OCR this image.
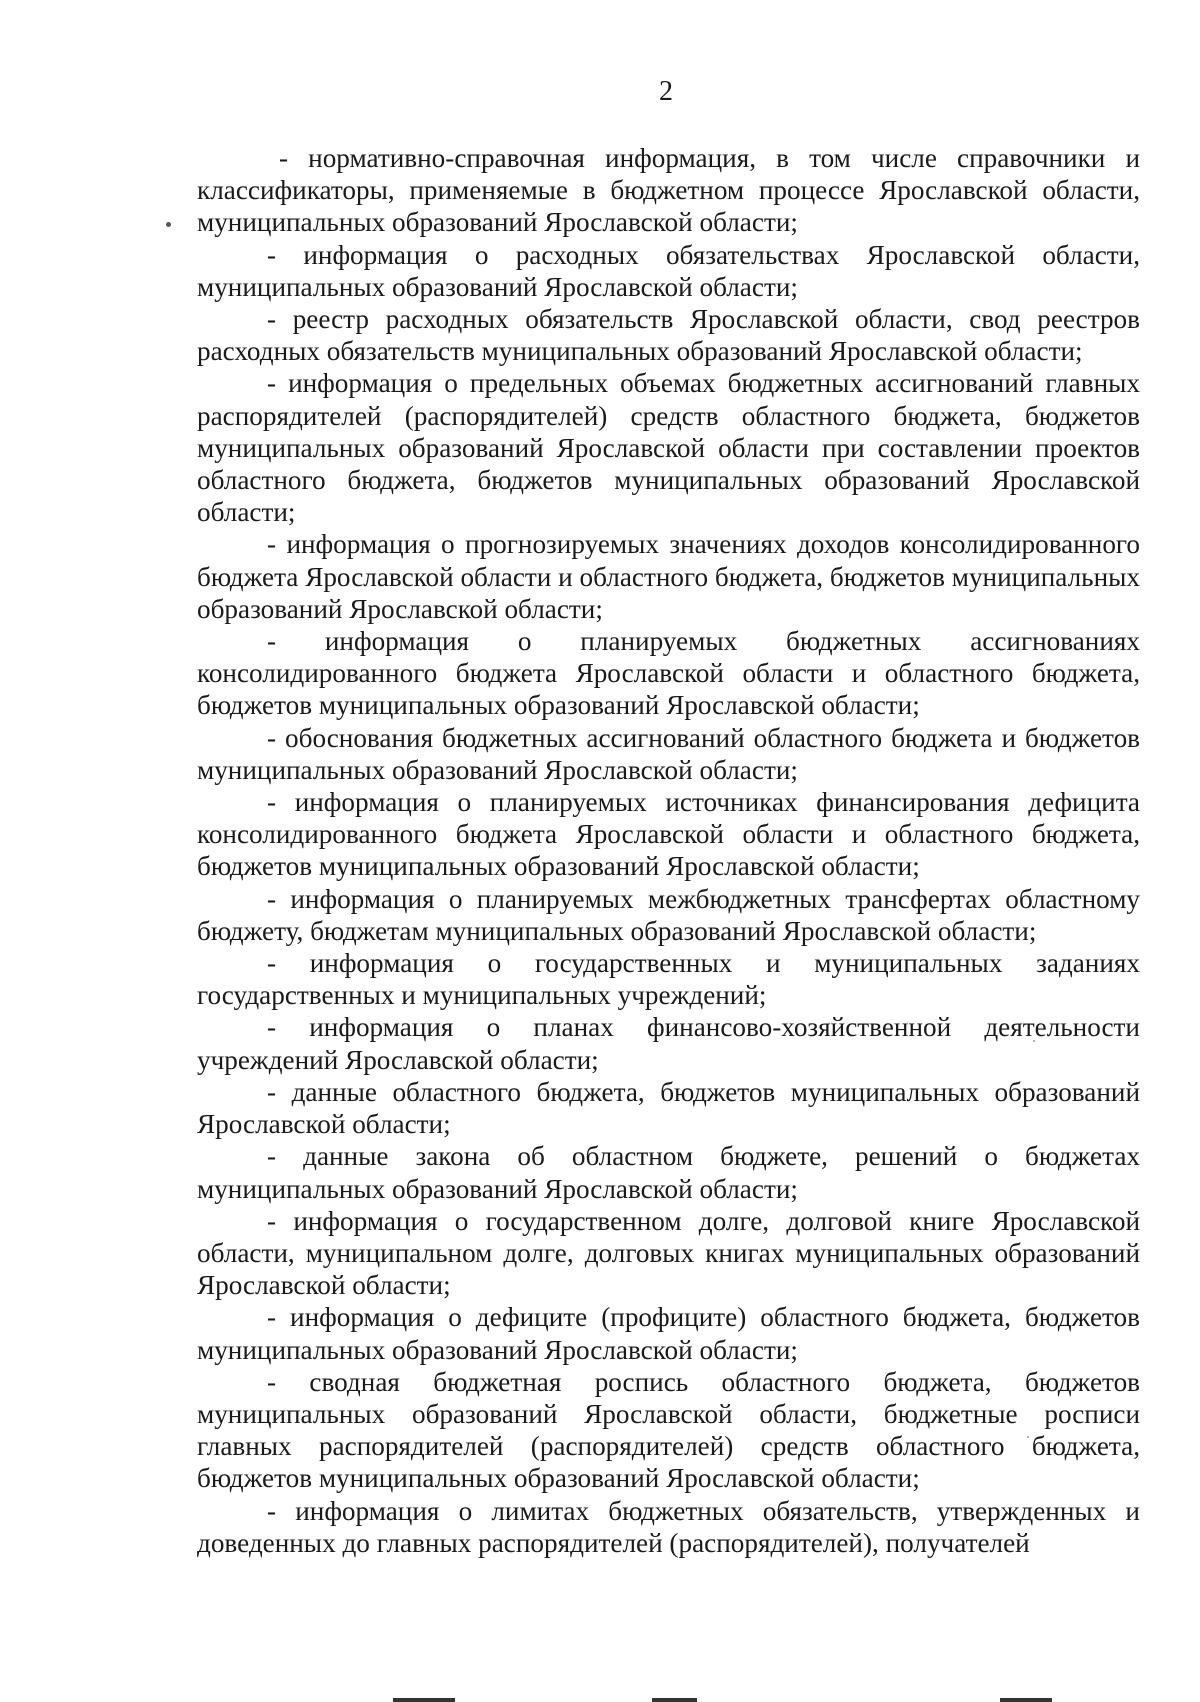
2

- нормативно-справочная информация, в том числе справочники и классификаторы, применяемые в бюджетном процессе Ярославской области, муниципальных образований Ярославской области;

- информация о расходных обязательствах Ярославской области, муниципальных образований Ярославской области;

- реестр расходных обязательств Ярославской области, свод реестров расходных обязательств муниципальных образований Ярославской области;

- информация о предельных объемах бюджетных ассигнований главных распорядителей (распорядителей) средств областного бюджета, бюджетов муниципальных образований Ярославской области при составлении проектов областного бюджета, бюджетов муниципальных образований Ярославской области;

- информация о прогнозируемых значениях доходов консолидированного бюджета Ярославской области и областного бюджета, бюджетов муниципальных образований Ярославской области;

- информация о планируемых бюджетных ассигнованиях консолидированного бюджета Ярославской области и областного бюджета, бюджетов муниципальных образований Ярославской области;

- обоснования бюджетных ассигнований областного бюджета и бюджетов муниципальных образований Ярославской области;

- информация о планируемых источниках финансирования дефицита консолидированного бюджета Ярославской области и областного бюджета, бюджетов муниципальных образований Ярославской области;

- информация о планируемых межбюджетных трансфертах областному бюджету, бюджетам муниципальных образований Ярославской области;

- информация о государственных и муниципальных заданиях государственных и муниципальных учреждений;

- информация о планах финансово-хозяйственной деятельности учреждений Ярославской области;

- данные областного бюджета, бюджетов муниципальных образований Ярославской области;

- данные закона об областном бюджете, решений о бюджетах муниципальных образований Ярославской области;

- информация о государственном долге, долговой книге Ярославской области, муниципальном долге, долговых книгах муниципальных образований Ярославской области;

- информация о дефиците (профиците) областного бюджета, бюджетов муниципальных образований Ярославской области;

- сводная бюджетная роспись областного бюджета, бюджетов муниципальных образований Ярославской области, бюджетные росписи главных распорядителей (распорядителей) средств областного бюджета, бюджетов муниципальных образований Ярославской области;

- информация о лимитах бюджетных обязательств, утвержденных и доведенных до главных распорядителей (распорядителей), получателей
